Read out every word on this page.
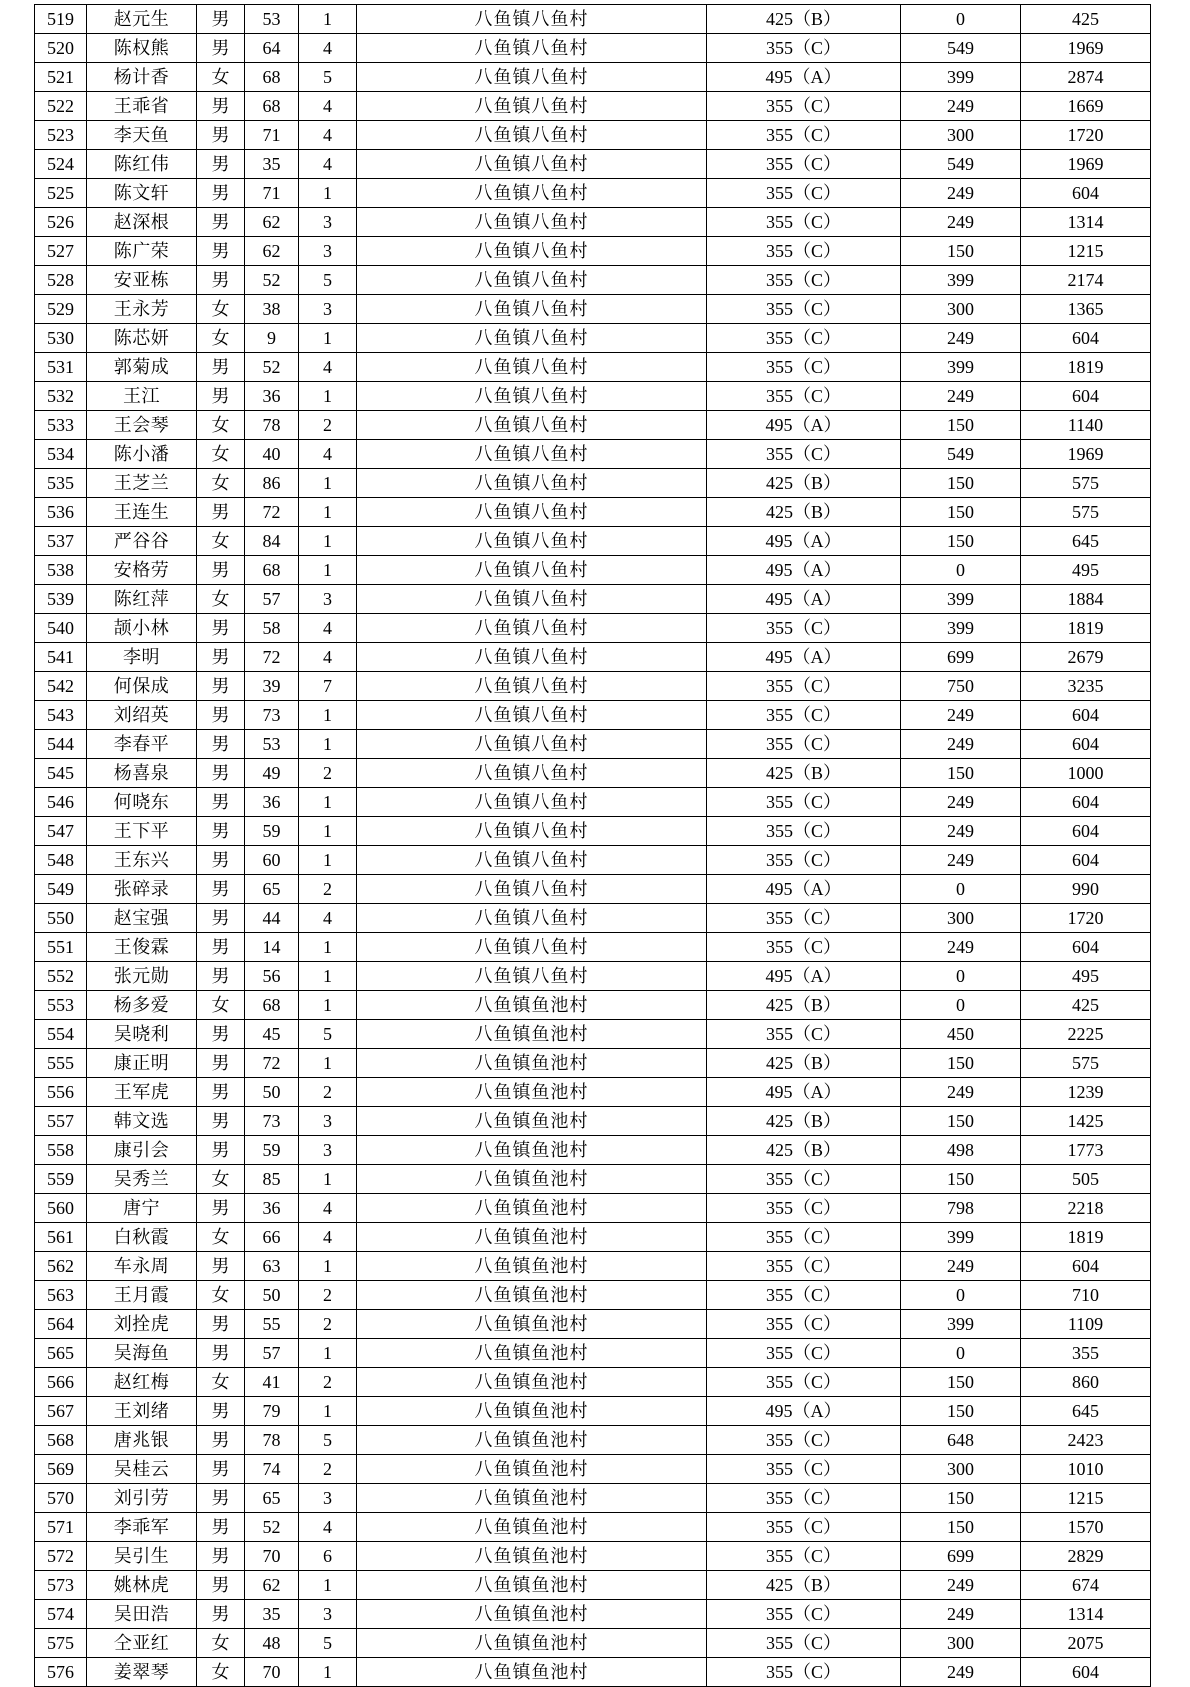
519	赵元生	男	53	1	八鱼镇八鱼村	425（B）	0	425
520	陈权熊	男	64	4	八鱼镇八鱼村	355（C）	549	1969
521	杨计香	女	68	5	八鱼镇八鱼村	495（A）	399	2874
522	王乖省	男	68	4	八鱼镇八鱼村	355（C）	249	1669
523	李天鱼	男	71	4	八鱼镇八鱼村	355（C）	300	1720
524	陈红伟	男	35	4	八鱼镇八鱼村	355（C）	549	1969
525	陈文轩	男	71	1	八鱼镇八鱼村	355（C）	249	604
526	赵深根	男	62	3	八鱼镇八鱼村	355（C）	249	1314
527	陈广荣	男	62	3	八鱼镇八鱼村	355（C）	150	1215
528	安亚栋	男	52	5	八鱼镇八鱼村	355（C）	399	2174
529	王永芳	女	38	3	八鱼镇八鱼村	355（C）	300	1365
530	陈芯妍	女	9	1	八鱼镇八鱼村	355（C）	249	604
531	郭菊成	男	52	4	八鱼镇八鱼村	355（C）	399	1819
532	王江	男	36	1	八鱼镇八鱼村	355（C）	249	604
533	王会琴	女	78	2	八鱼镇八鱼村	495（A）	150	1140
534	陈小潘	女	40	4	八鱼镇八鱼村	355（C）	549	1969
535	王芝兰	女	86	1	八鱼镇八鱼村	425（B）	150	575
536	王连生	男	72	1	八鱼镇八鱼村	425（B）	150	575
537	严谷谷	女	84	1	八鱼镇八鱼村	495（A）	150	645
538	安格劳	男	68	1	八鱼镇八鱼村	495（A）	0	495
539	陈红萍	女	57	3	八鱼镇八鱼村	495（A）	399	1884
540	颉小林	男	58	4	八鱼镇八鱼村	355（C）	399	1819
541	李明	男	72	4	八鱼镇八鱼村	495（A）	699	2679
542	何保成	男	39	7	八鱼镇八鱼村	355（C）	750	3235
543	刘绍英	男	73	1	八鱼镇八鱼村	355（C）	249	604
544	李春平	男	53	1	八鱼镇八鱼村	355（C）	249	604
545	杨喜泉	男	49	2	八鱼镇八鱼村	425（B）	150	1000
546	何哓东	男	36	1	八鱼镇八鱼村	355（C）	249	604
547	王下平	男	59	1	八鱼镇八鱼村	355（C）	249	604
548	王东兴	男	60	1	八鱼镇八鱼村	355（C）	249	604
549	张碎录	男	65	2	八鱼镇八鱼村	495（A）	0	990
550	赵宝强	男	44	4	八鱼镇八鱼村	355（C）	300	1720
551	王俊霖	男	14	1	八鱼镇八鱼村	355（C）	249	604
552	张元勋	男	56	1	八鱼镇八鱼村	495（A）	0	495
553	杨多爱	女	68	1	八鱼镇鱼池村	425（B）	0	425
554	吴哓利	男	45	5	八鱼镇鱼池村	355（C）	450	2225
555	康正明	男	72	1	八鱼镇鱼池村	425（B）	150	575
556	王军虎	男	50	2	八鱼镇鱼池村	495（A）	249	1239
557	韩文选	男	73	3	八鱼镇鱼池村	425（B）	150	1425
558	康引会	男	59	3	八鱼镇鱼池村	425（B）	498	1773
559	吴秀兰	女	85	1	八鱼镇鱼池村	355（C）	150	505
560	唐宁	男	36	4	八鱼镇鱼池村	355（C）	798	2218
561	白秋霞	女	66	4	八鱼镇鱼池村	355（C）	399	1819
562	车永周	男	63	1	八鱼镇鱼池村	355（C）	249	604
563	王月霞	女	50	2	八鱼镇鱼池村	355（C）	0	710
564	刘拴虎	男	55	2	八鱼镇鱼池村	355（C）	399	1109
565	吴海鱼	男	57	1	八鱼镇鱼池村	355（C）	0	355
566	赵红梅	女	41	2	八鱼镇鱼池村	355（C）	150	860
567	王刘绪	男	79	1	八鱼镇鱼池村	495（A）	150	645
568	唐兆银	男	78	5	八鱼镇鱼池村	355（C）	648	2423
569	吴桂云	男	74	2	八鱼镇鱼池村	355（C）	300	1010
570	刘引劳	男	65	3	八鱼镇鱼池村	355（C）	150	1215
571	李乖军	男	52	4	八鱼镇鱼池村	355（C）	150	1570
572	吴引生	男	70	6	八鱼镇鱼池村	355（C）	699	2829
573	姚林虎	男	62	1	八鱼镇鱼池村	425（B）	249	674
574	吴田浩	男	35	3	八鱼镇鱼池村	355（C）	249	1314
575	仝亚红	女	48	5	八鱼镇鱼池村	355（C）	300	2075
576	姜翠琴	女	70	1	八鱼镇鱼池村	355（C）	249	604
